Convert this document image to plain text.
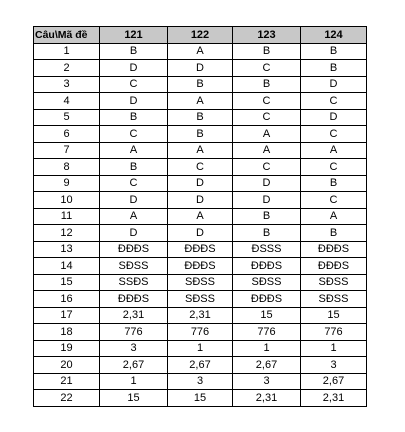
Câu\Mã đề	121	122	123	124
1	B	A	B	B
2	D	D	C	B
3	C	B	B	D
4	D	A	C	C
5	B	B	C	D
6	C	B	A	C
7	A	A	A	A
8	B	C	C	C
9	C	D	D	B
10	D	D	D	C
11	A	A	B	A
12	D	D	B	B
13	ĐĐĐS	ĐĐĐS	ĐSSS	ĐĐĐS
14	SĐSS	ĐĐĐS	ĐĐĐS	ĐĐĐS
15	SSĐS	SĐSS	SĐSS	SĐSS
16	ĐĐĐS	SĐSS	ĐĐĐS	SĐSS
17	2,31	2,31	15	15
18	776	776	776	776
19	3	1	1	1
20	2,67	2,67	2,67	3
21	1	3	3	2,67
22	15	15	2,31	2,31
